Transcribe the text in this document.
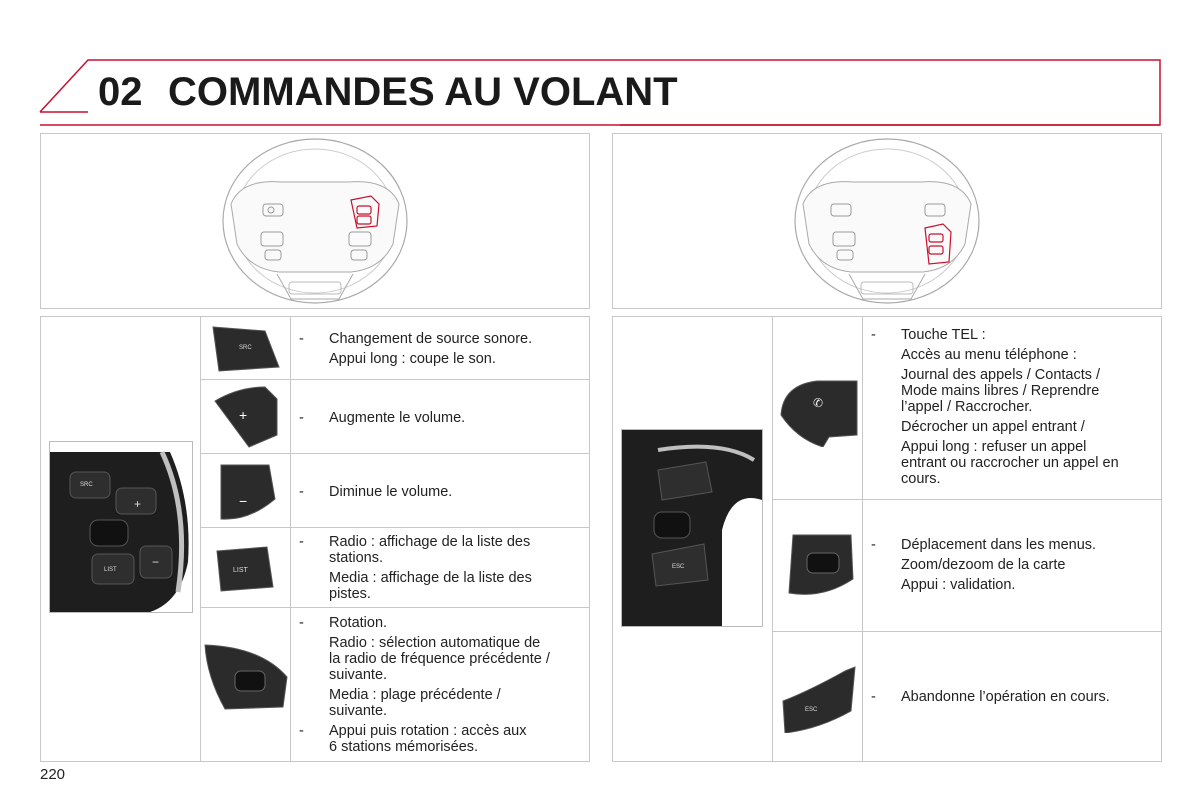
02 COMMANDES AU VOLANT
+
−
SRC
LIST
SRC
+
−
LIST
-	Changement de source sonore.
Appui long : coupe le son.
-	Augmente le volume.
-	Diminue le volume.
-	Radio : affichage de la liste des
stations.
Media : affichage de la liste des
pistes.
-	Rotation.
Radio : sélection automatique de
la radio de fréquence précédente /
suivante.
Media : plage précédente /
suivante.
-	Appui puis rotation : accès aux
6 stations mémorisées.
ESC
✆
ESC
-	Touche TEL :
Accès au menu téléphone :
Journal des appels / Contacts /
Mode mains libres / Reprendre
l’appel / Raccrocher.
Décrocher un appel entrant /
Appui long : refuser un appel
entrant ou raccrocher un appel en
cours.
-	Déplacement dans les menus.
Zoom/dezoom de la carte
Appui : validation.
-	Abandonne l’opération en cours.
220
